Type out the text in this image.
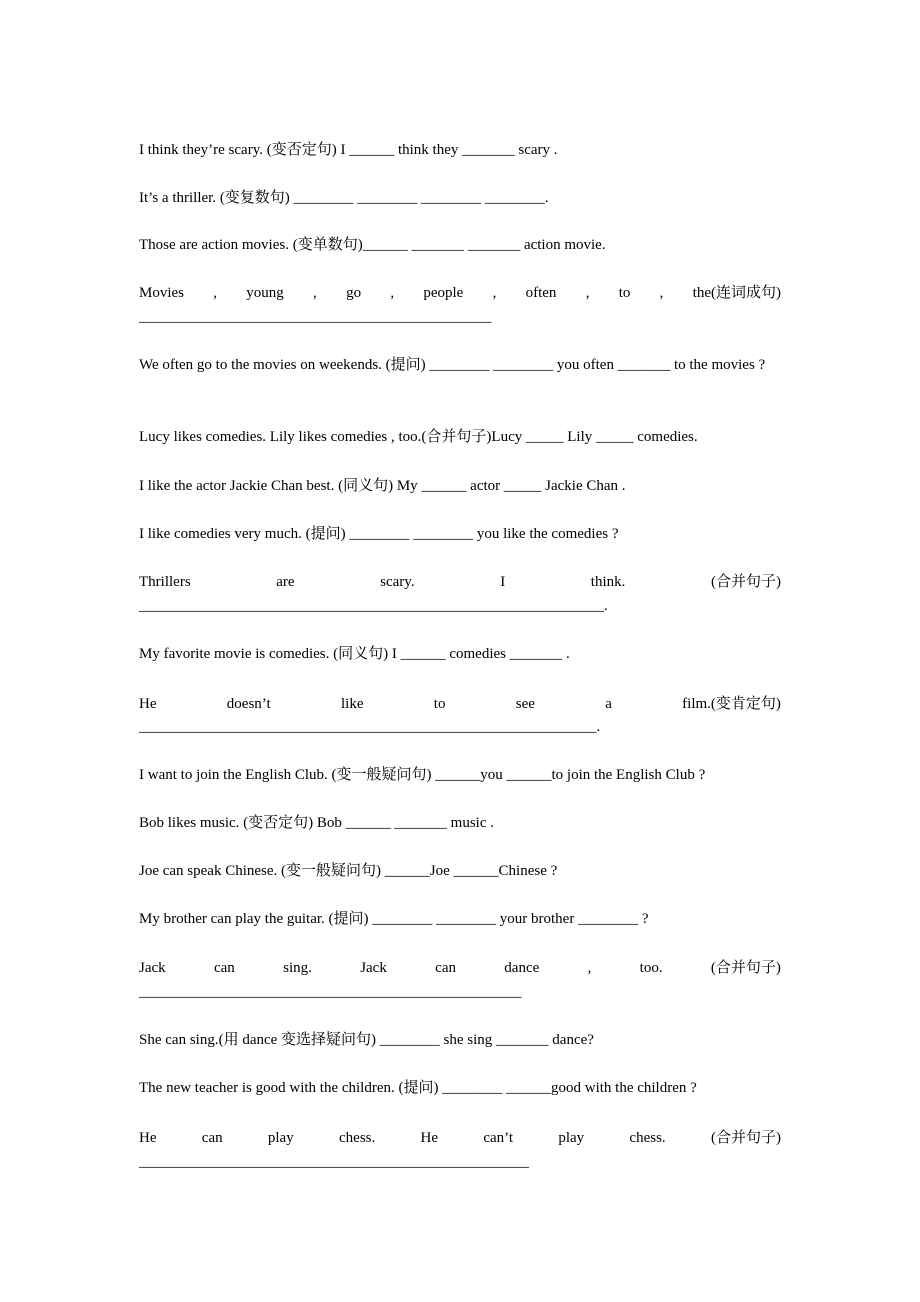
I think they’re scary. (变否定句) I ______ think they _______ scary .
It’s a thriller. (变复数句) ________ ________ ________ ________.
Those are action movies. (变单数句)______ _______ _______ action movie.
Movies , young , go , people , often , to , the(连词成句)
_______________________________________________
We often go to the movies on weekends. (提问) ________ ________ you often _______ to the movies ?
Lucy likes comedies. Lily likes comedies , too.(合并句子)Lucy _____ Lily _____ comedies.
I like the actor Jackie Chan best. (同义句) My ______ actor _____ Jackie Chan .
I like comedies very much. (提问) ________ ________ you like the comedies ?
Thrillers	are	scary.	I	think.	(合并句子)
______________________________________________________________.
My favorite movie is comedies. (同义句) I ______ comedies _______ .
He	doesn’t	like	to	see	a	film.(变肯定句)
_____________________________________________________________.
I want to join the English Club. (变一般疑问句) ______you ______to join the English Club ?
Bob likes music. (变否定句) Bob ______ _______ music .
Joe can speak Chinese. (变一般疑问句) ______Joe ______Chinese ?
My brother can play the guitar. (提问) ________ ________ your brother ________ ?
Jack	can	sing.	Jack	can	dance	,	too.	(合并句子)
___________________________________________________
She can sing.(用 dance 变选择疑问句) ________ she sing _______ dance?
The new teacher is good with the children. (提问) ________ ______good with the children ?
He	can	play	chess.	He	can’t	play	chess.	(合并句子)
____________________________________________________
